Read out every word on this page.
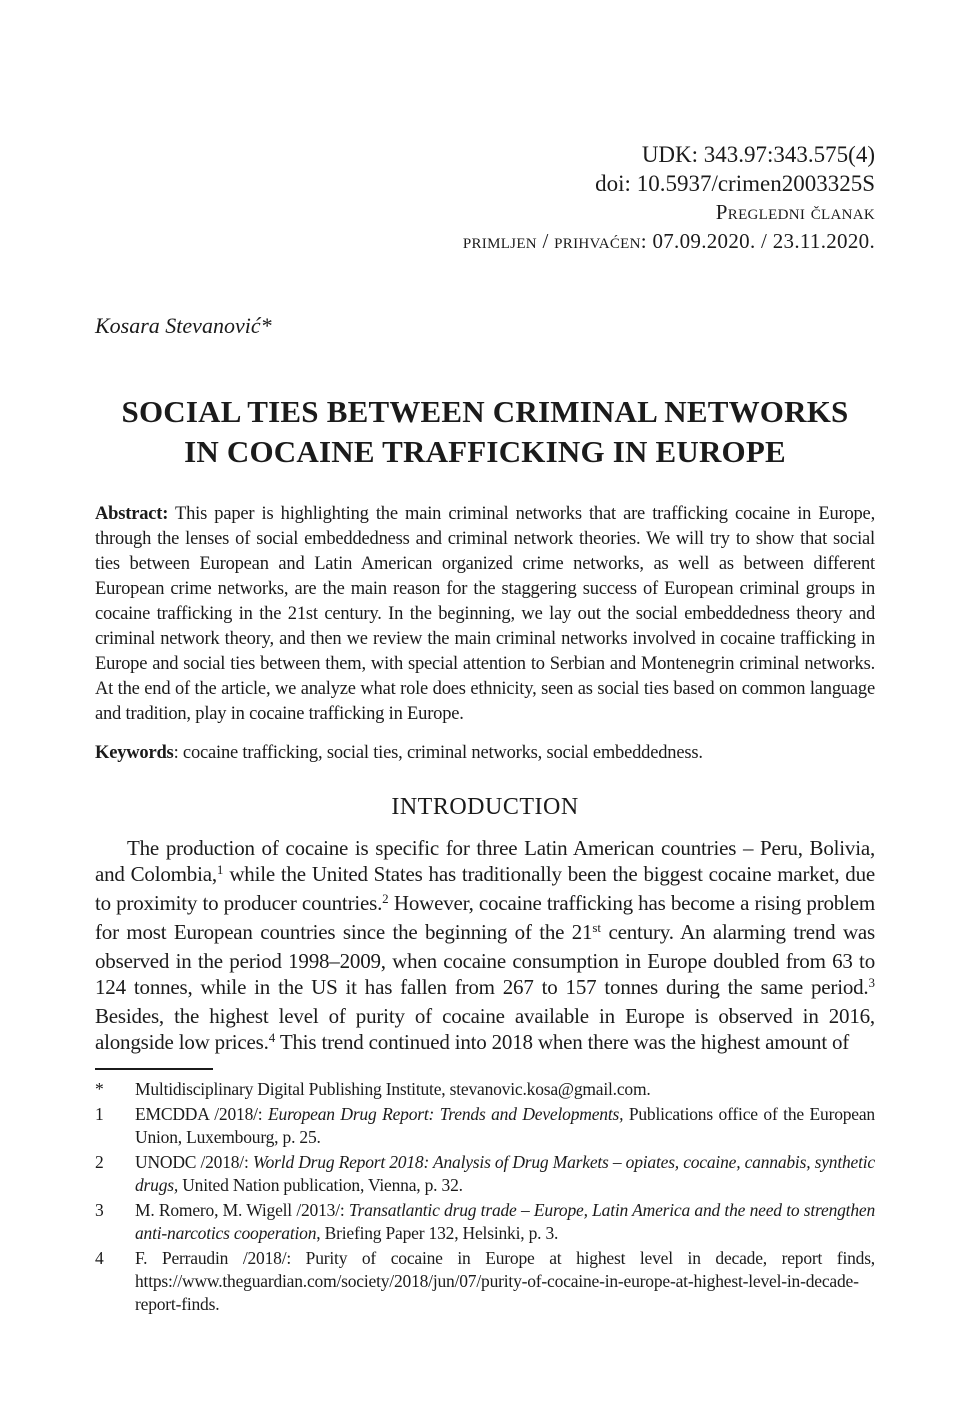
UDK: 343.97:343.575(4)
doi: 10.5937/crimen2003325S
Pregledni članak
primljen / prihvaćen: 07.09.2020. / 23.11.2020.
Kosara Stevanović*
SOCIAL TIES BETWEEN CRIMINAL NETWORKS
IN COCAINE TRAFFICKING IN EUROPE

Abstract: This paper is highlighting the main criminal networks that are trafficking cocaine in Europe, through the lenses of social embeddedness and criminal network theories. We will try to show that social ties between European and Latin American organized crime networks, as well as between different European crime networks, are the main reason for the staggering success of European criminal groups in cocaine trafficking in the 21st century. In the beginning, we lay out the social embeddedness theory and criminal network theory, and then we review the main criminal networks involved in cocaine trafficking in Europe and social ties between them, with special attention to Serbian and Montenegrin criminal networks. At the end of the article, we analyze what role does ethnicity, seen as social ties based on common language and tradition, play in cocaine trafficking in Europe.

Keywords: cocaine trafficking, social ties, criminal networks, social embeddedness.

INTRODUCTION

The production of cocaine is specific for three Latin American countries – Peru, Bolivia, and Colombia,$^1$ while the United States has traditionally been the biggest cocaine market, due to proximity to producer countries.$^2$ However, cocaine trafficking has become a rising problem for most European countries since the beginning of the 21st century. An alarming trend was observed in the period 1998–2009, when cocaine consumption in Europe doubled from 63 to 124 tonnes, while in the US it has fallen from 267 to 157 tonnes during the same period.$^3$ Besides, the highest level of purity of cocaine available in Europe is observed in 2016, alongside low prices.$^4$ This trend continued into 2018 when there was the highest amount of

*	Multidisciplinary Digital Publishing Institute, stevanovic.kosa@gmail.com.
1	EMCDDA /2018/: European Drug Report: Trends and Developments, Publications office of the European Union, Luxembourg, p. 25.
2	UNODC /2018/: World Drug Report 2018: Analysis of Drug Markets – opiates, cocaine, cannabis, synthetic drugs, United Nation publication, Vienna, p. 32.
3	M. Romero, M. Wigell /2013/: Transatlantic drug trade – Europe, Latin America and the need to strengthen anti-narcotics cooperation, Briefing Paper 132, Helsinki, p. 3.
4	F. Perraudin /2018/: Purity of cocaine in Europe at highest level in decade, report finds, https://www.theguardian.com/society/2018/jun/07/purity-of-cocaine-in-europe-at-highest-level-in-decade-report-finds.
